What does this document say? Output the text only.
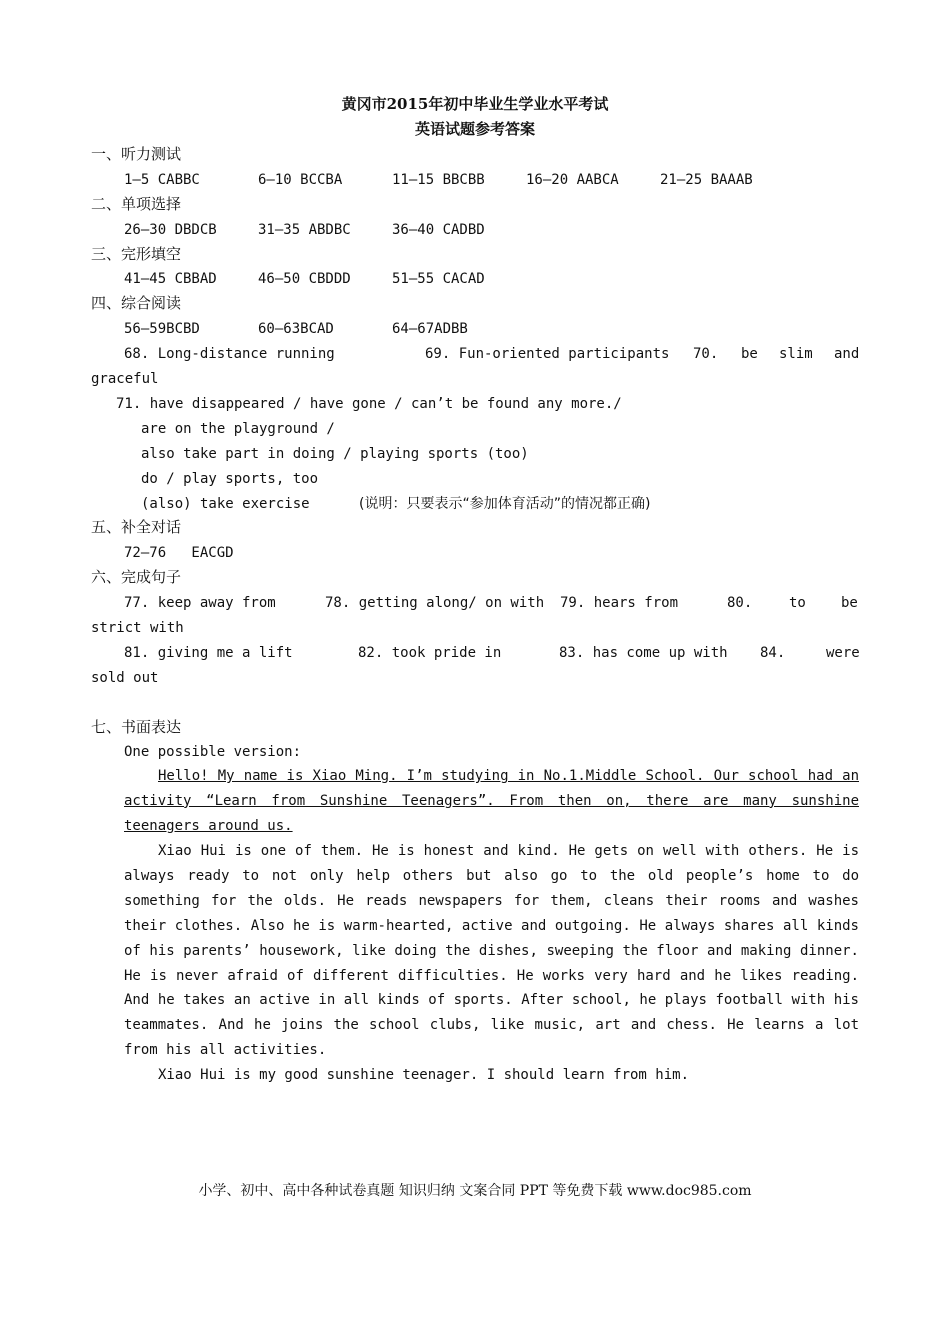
黄冈市2015年初中毕业生学业水平考试
英语试题参考答案
一、听力测试
1—5 CABBC	6—10 BCCBA	11—15 BBCBB	16—20 AABCA	21—25 BAAAB
二、单项选择
26—30 DBDCB	31—35 ABDBC	36—40 CADBD
三、完形填空
41—45 CBBAD	46—50 CBDDD	51—55 CACAD
四、综合阅读
56—59BCBD	60—63BCAD	64—67ADBB
68. Long-distance running	69. Fun-oriented participants 70. be slim and
graceful
71. have disappeared / have gone / can’t be found any more./
are on the playground /
also take part in doing / playing sports (too)
do / play sports, too
(also) take exercise	(说明：只要表示“参加体育活动”的情况都正确)
五、补全对话
72—76   EACGD
六、完成句子
77. keep away from	78. getting along/ on with 79. hears from	80.	to	be
strict with
81. giving me a lift	82. took pride in	83. has come up with 84.	were
sold out
七、书面表达
One possible version:
Hello! My name is Xiao Ming. I’m studying in No.1.Middle School. Our school had an activity “Learn from Sunshine Teenagers”. From then on, there are many sunshine teenagers around us.
Xiao Hui is one of them. He is honest and kind. He gets on well with others. He is always ready to not only help others but also go to the old people’s home to do something for the olds. He reads newspapers for them, cleans their rooms and washes their clothes. Also he is warm-hearted, active and outgoing. He always shares all kinds of his parents’ housework, like doing the dishes, sweeping the floor and making dinner. He is never afraid of different difficulties. He works very hard and he likes reading. And he takes an active in all kinds of sports. After school, he plays football with his teammates. And he joins the school clubs, like music, art and chess. He learns a lot from his all activities.
Xiao Hui is my good sunshine teenager. I should learn from him.
小学、初中、高中各种试卷真题 知识归纳 文案合同 PPT 等免费下载 www.doc985.com
